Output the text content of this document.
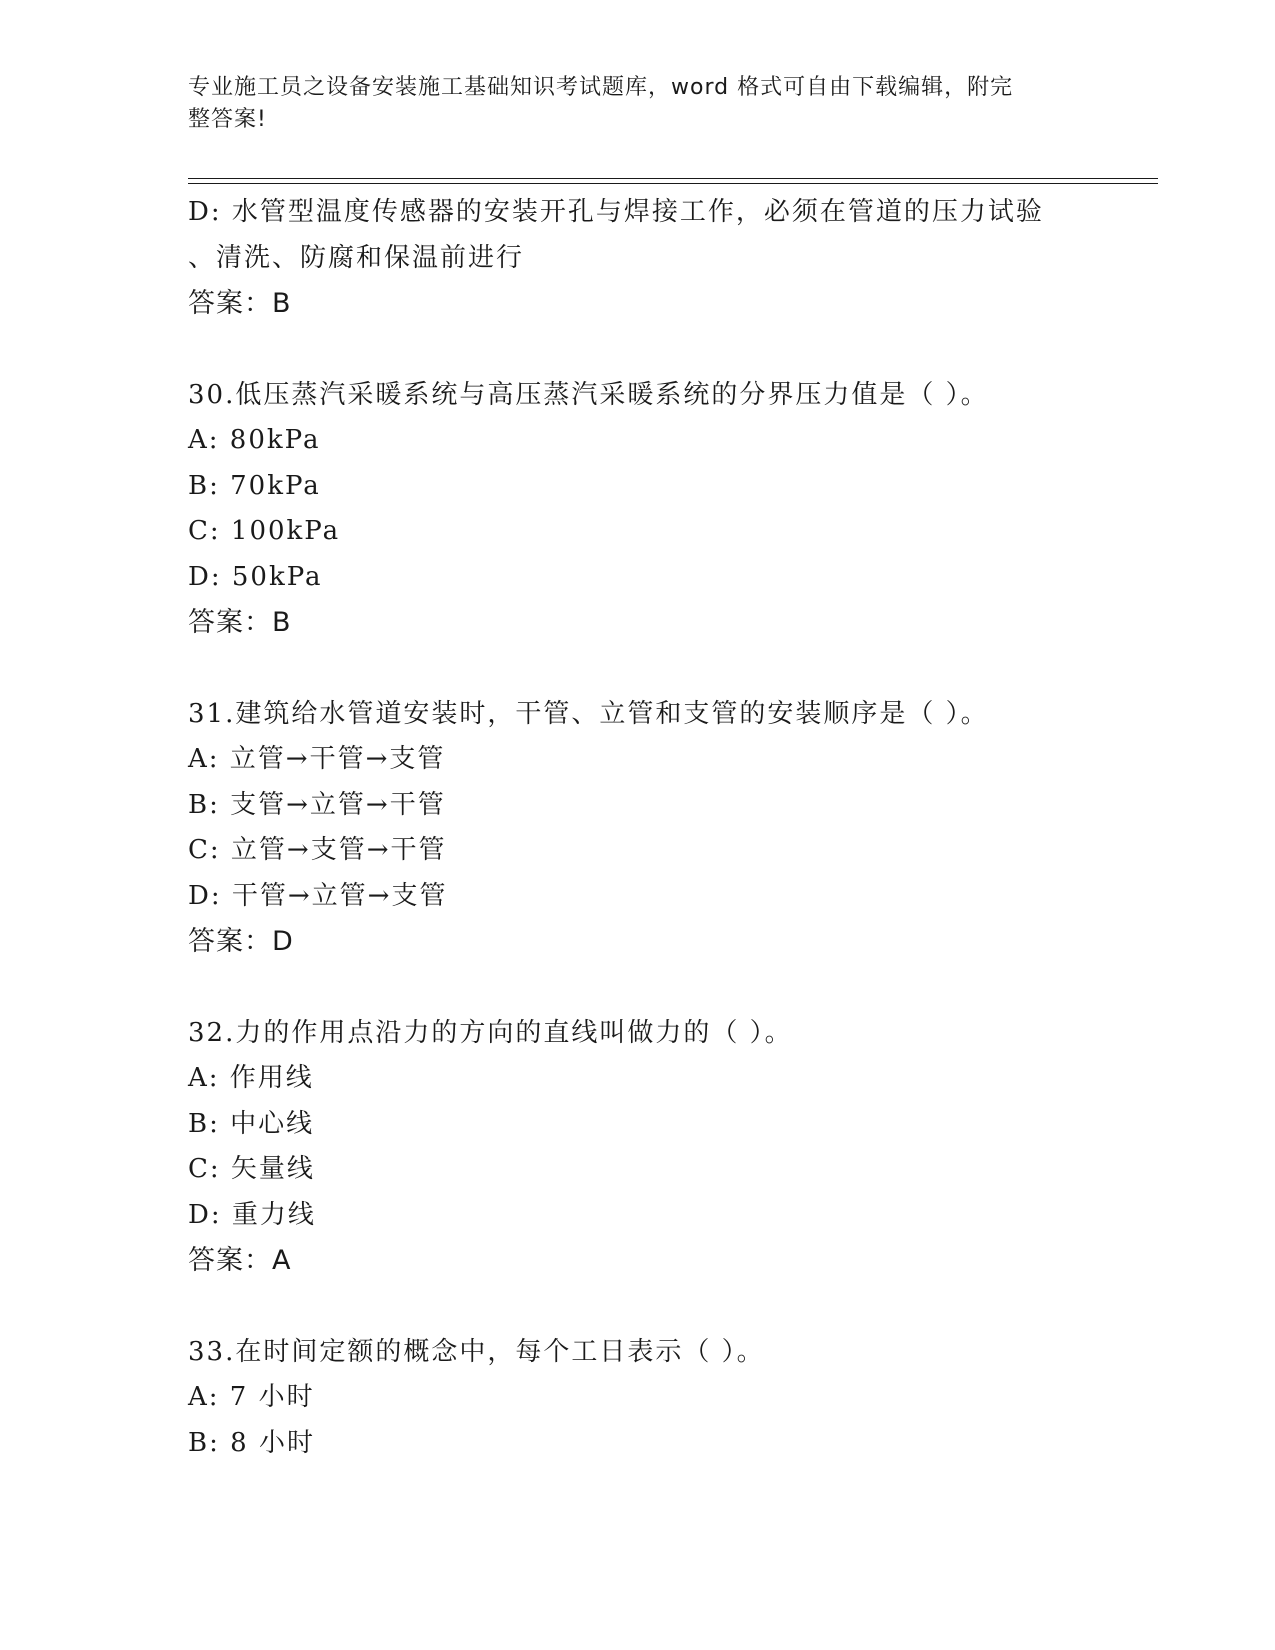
专业施工员之设备安装施工基础知识考试题库，word 格式可自由下载编辑，附完
整答案!
D: 水管型温度传感器的安装开孔与焊接工作，必须在管道的压力试验
、清洗、防腐和保温前进行
答案：B
30.低压蒸汽采暖系统与高压蒸汽采暖系统的分界压力值是（ ）。
A: 80kPa
B: 70kPa
C: 100kPa
D: 50kPa
答案：B
31.建筑给水管道安装时，干管、立管和支管的安装顺序是（ ）。
A: 立管→干管→支管
B: 支管→立管→干管
C: 立管→支管→干管
D: 干管→立管→支管
答案：D
32.力的作用点沿力的方向的直线叫做力的（ ）。
A: 作用线
B: 中心线
C: 矢量线
D: 重力线
答案：A
33.在时间定额的概念中，每个工日表示（ ）。
A: 7 小时
B: 8 小时
